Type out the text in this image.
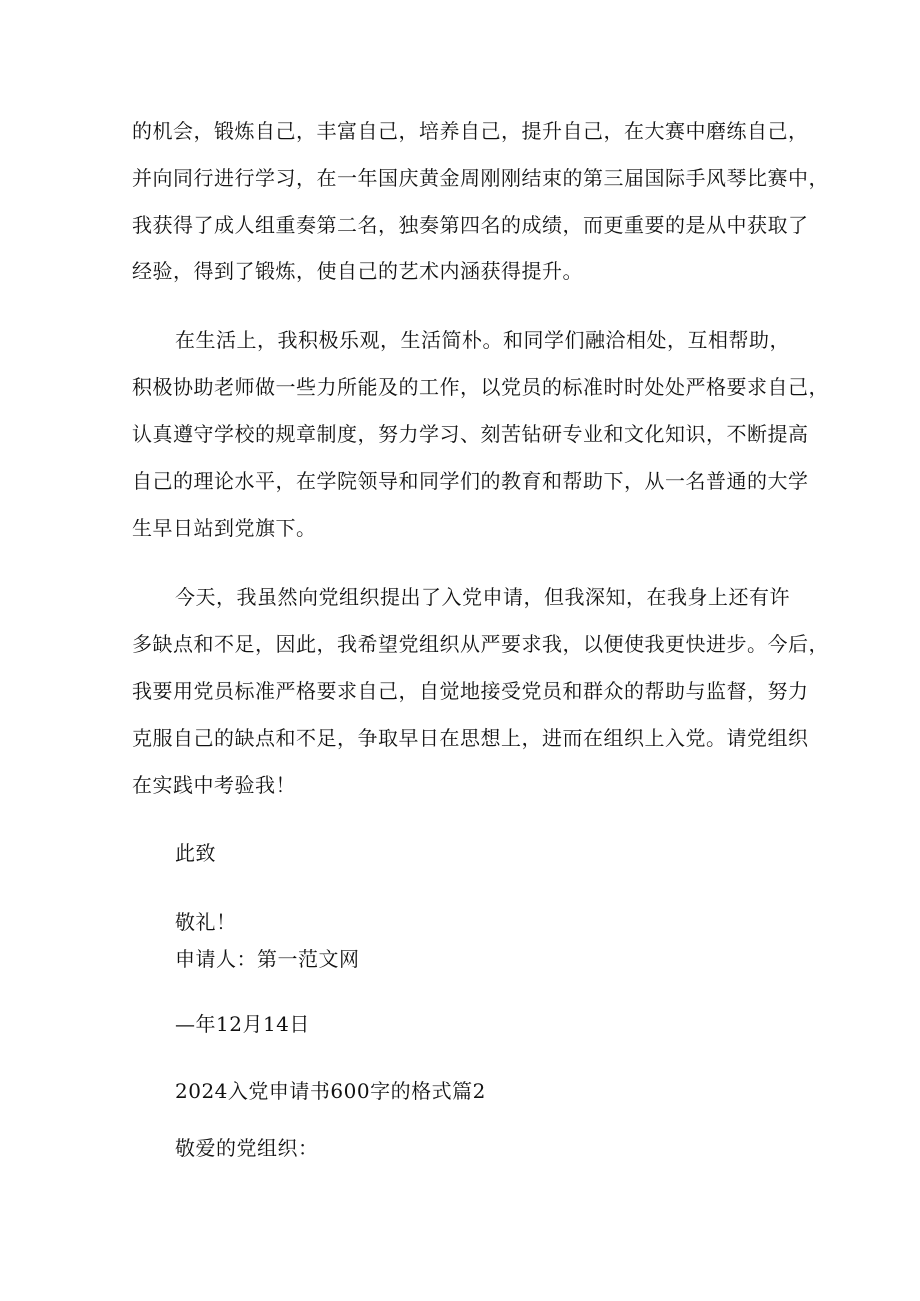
的机会，锻炼自己，丰富自己，培养自己，提升自己，在大赛中磨练自己，
并向同行进行学习，在一年国庆黄金周刚刚结束的第三届国际手风琴比赛中，
我获得了成人组重奏第二名，独奏第四名的成绩，而更重要的是从中获取了
经验，得到了锻炼，使自己的艺术内涵获得提升。
在生活上，我积极乐观，生活简朴。和同学们融洽相处，互相帮助，
积极协助老师做一些力所能及的工作，以党员的标准时时处处严格要求自己，
认真遵守学校的规章制度，努力学习、刻苦钻研专业和文化知识，不断提高
自己的理论水平，在学院领导和同学们的教育和帮助下，从一名普通的大学
生早日站到党旗下。
今天，我虽然向党组织提出了入党申请，但我深知，在我身上还有许
多缺点和不足，因此，我希望党组织从严要求我，以便使我更快进步。今后，
我要用党员标准严格要求自己，自觉地接受党员和群众的帮助与监督，努力
克服自己的缺点和不足，争取早日在思想上，进而在组织上入党。请党组织
在实践中考验我！
此致
敬礼！
申请人：第一范文网
—年12月14日
2024入党申请书600字的格式篇2
敬爱的党组织：
